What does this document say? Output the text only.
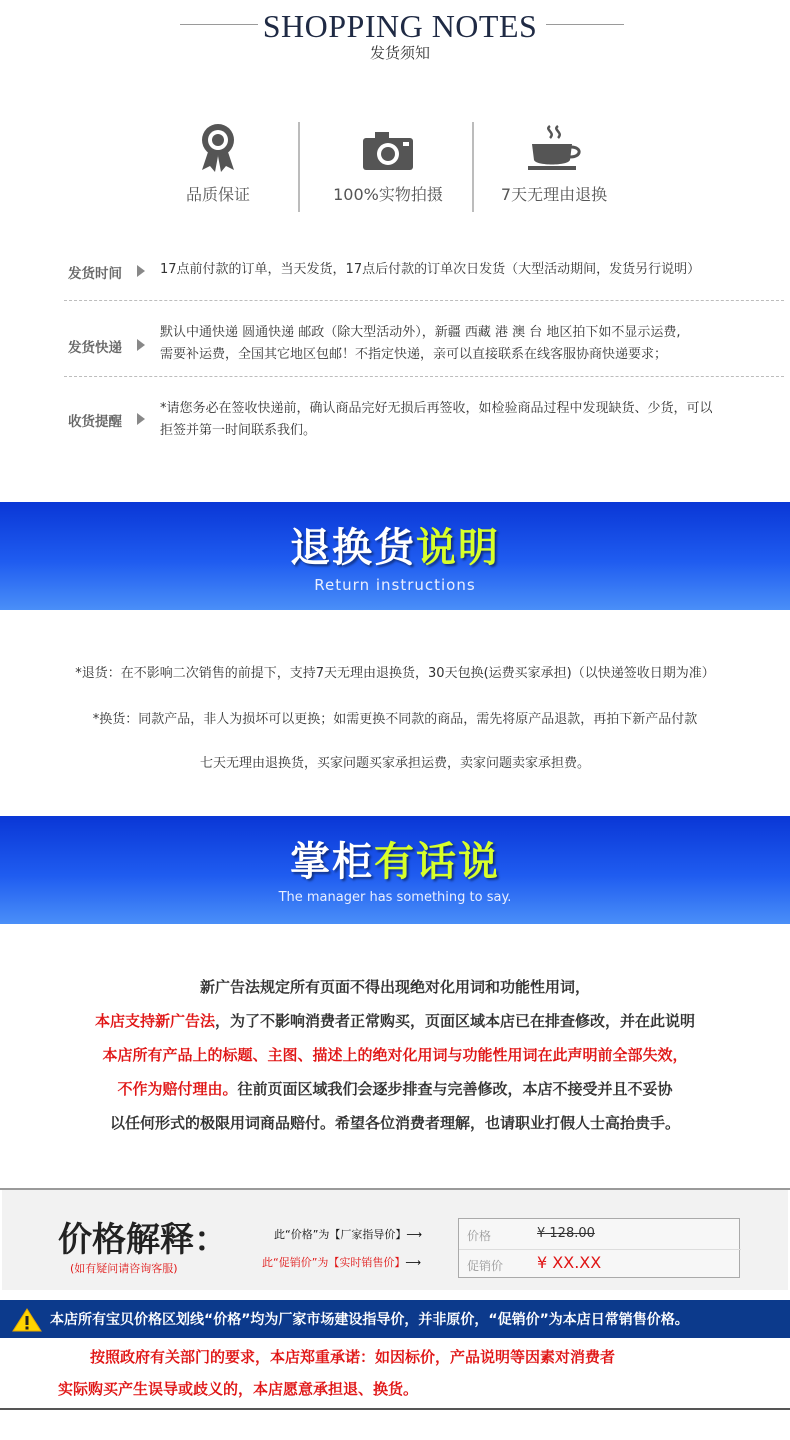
SHOPPING NOTES
发货须知
品质保证	100%实物拍摄	7天无理由退换
发货时间	17点前付款的订单，当天发货，17点后付款的订单次日发货（大型活动期间，发货另行说明）
发货快递
默认中通快递 圆通快递 邮政（除大型活动外），新疆 西藏 港 澳 台 地区拍下如不显示运费,
需要补运费，全国其它地区包邮！不指定快递，亲可以直接联系在线客服协商快递要求；
收货提醒
*请您务必在签收快递前，确认商品完好无损后再签收，如检验商品过程中发现缺货、少货，可以
拒签并第一时间联系我们。
退换货说明
Return instructions
*退货：在不影响二次销售的前提下，支持7天无理由退换货，30天包换(运费买家承担)（以快递签收日期为准）
*换货：同款产品，非人为损坏可以更换；如需更换不同款的商品，需先将原产品退款，再拍下新产品付款
七天无理由退换货，买家问题买家承担运费，卖家问题卖家承担费。
掌柜有话说
The manager has something to say.
新广告法规定所有页面不得出现绝对化用词和功能性用词，
本店支持新广告法，为了不影响消费者正常购买，页面区域本店已在排查修改，并在此说明
本店所有产品上的标题、主图、描述上的绝对化用词与功能性用词在此声明前全部失效，
不作为赔付理由。往前页面区域我们会逐步排查与完善修改，本店不接受并且不妥协
以任何形式的极限用词商品赔付。希望各位消费者理解，也请职业打假人士高抬贵手。
价格解释：
(如有疑问请咨询客服)
此“价格”为【厂家指导价】⟶
此“促销价”为【实时销售价】⟶
价格	¥ 128.00
促销价 ¥ XX.XX
本店所有宝贝价格区划线“价格”均为厂家市场建设指导价，并非原价，“促销价”为本店日常销售价格。
按照政府有关部门的要求，本店郑重承诺：如因标价，产品说明等因素对消费者
实际购买产生误导或歧义的，本店愿意承担退、换货。
